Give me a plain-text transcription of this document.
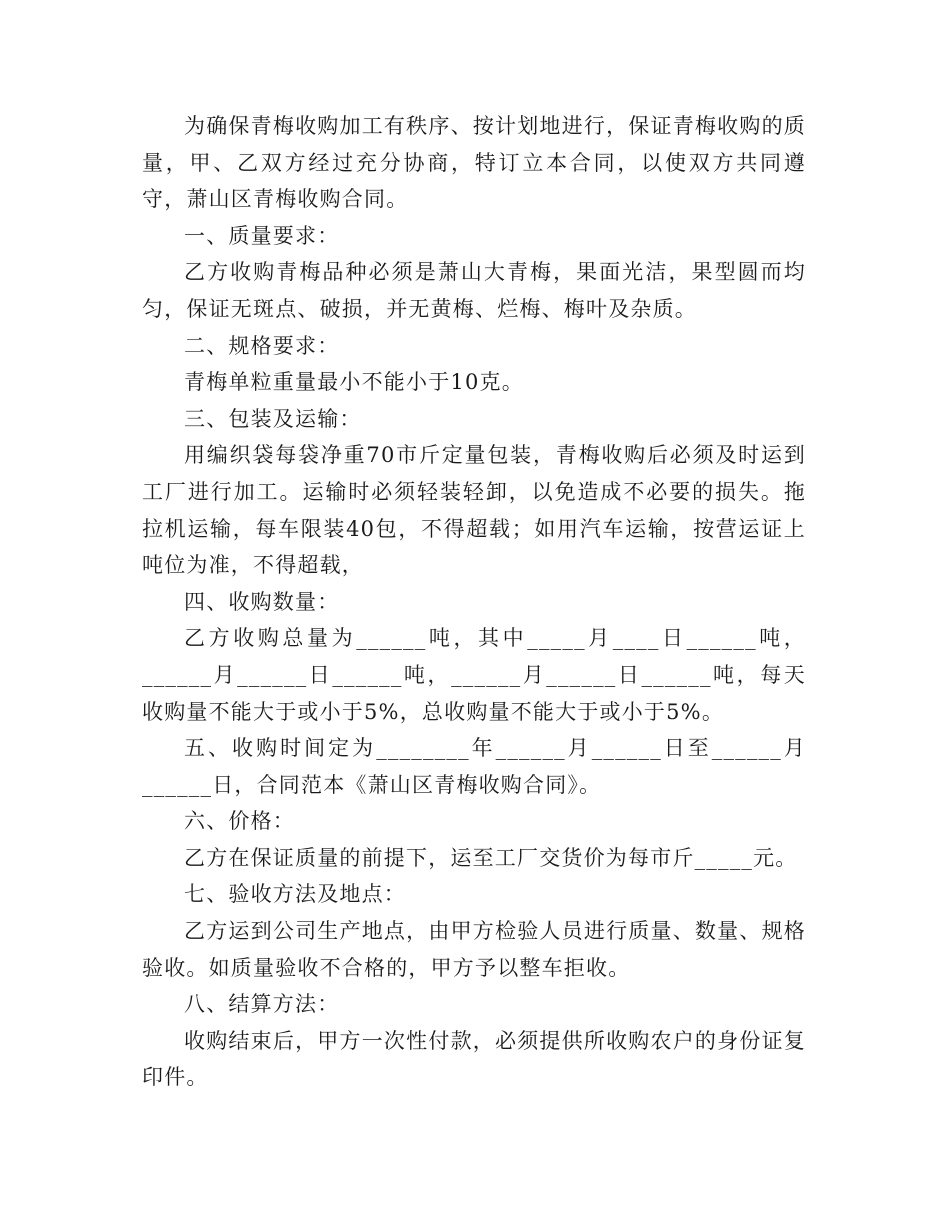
为确保青梅收购加工有秩序、按计划地进行，保证青梅收购的质量，甲、乙双方经过充分协商，特订立本合同，以使双方共同遵守，萧山区青梅收购合同。

一、质量要求：

乙方收购青梅品种必须是萧山大青梅，果面光洁，果型圆而均匀，保证无斑点、破损，并无黄梅、烂梅、梅叶及杂质。

二、规格要求：

青梅单粒重量最小不能小于10克。

三、包装及运输：

用编织袋每袋净重70市斤定量包装，青梅收购后必须及时运到工厂进行加工。运输时必须轻装轻卸，以免造成不必要的损失。拖拉机运输，每车限装40包，不得超载；如用汽车运输，按营运证上吨位为准，不得超载，

四、收购数量：

乙方收购总量为______吨，其中_____月____日______吨，______月______日______吨，______月______日______吨，每天收购量不能大于或小于5%，总收购量不能大于或小于5%。

五、收购时间定为________年______月______日至______月______日，合同范本《萧山区青梅收购合同》。

六、价格：

乙方在保证质量的前提下，运至工厂交货价为每市斤_____元。

七、验收方法及地点：

乙方运到公司生产地点，由甲方检验人员进行质量、数量、规格验收。如质量验收不合格的，甲方予以整车拒收。

八、结算方法：

收购结束后，甲方一次性付款，必须提供所收购农户的身份证复印件。
